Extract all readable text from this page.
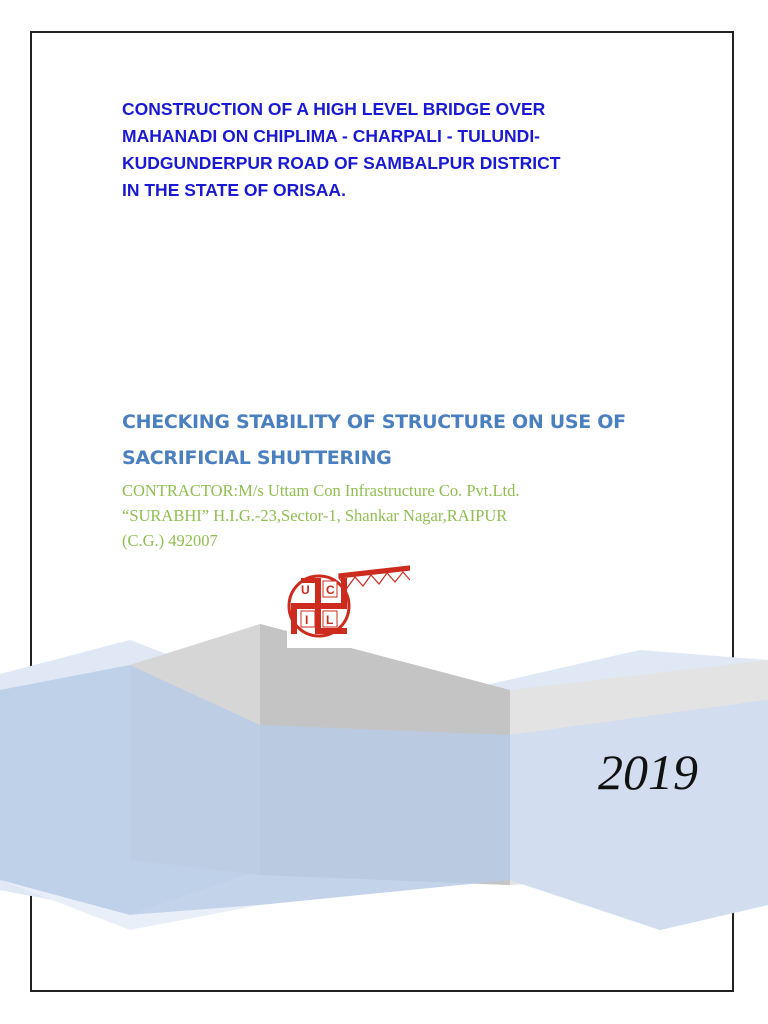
CONSTRUCTION OF A HIGH LEVEL BRIDGE OVER
MAHANADI ON CHIPLIMA - CHARPALI - TULUNDI-
KUDGUNDERPUR ROAD OF SAMBALPUR DISTRICT
IN THE STATE OF ORISAA.
CHECKING STABILITY OF STRUCTURE ON USE OF
SACRIFICIAL SHUTTERING
CONTRACTOR:M/s Uttam Con Infrastructure Co. Pvt.Ltd.
“SURABHI” H.I.G.-23,Sector-1, Shankar Nagar,RAIPUR
(C.G.) 492007
U C
I L
2019
